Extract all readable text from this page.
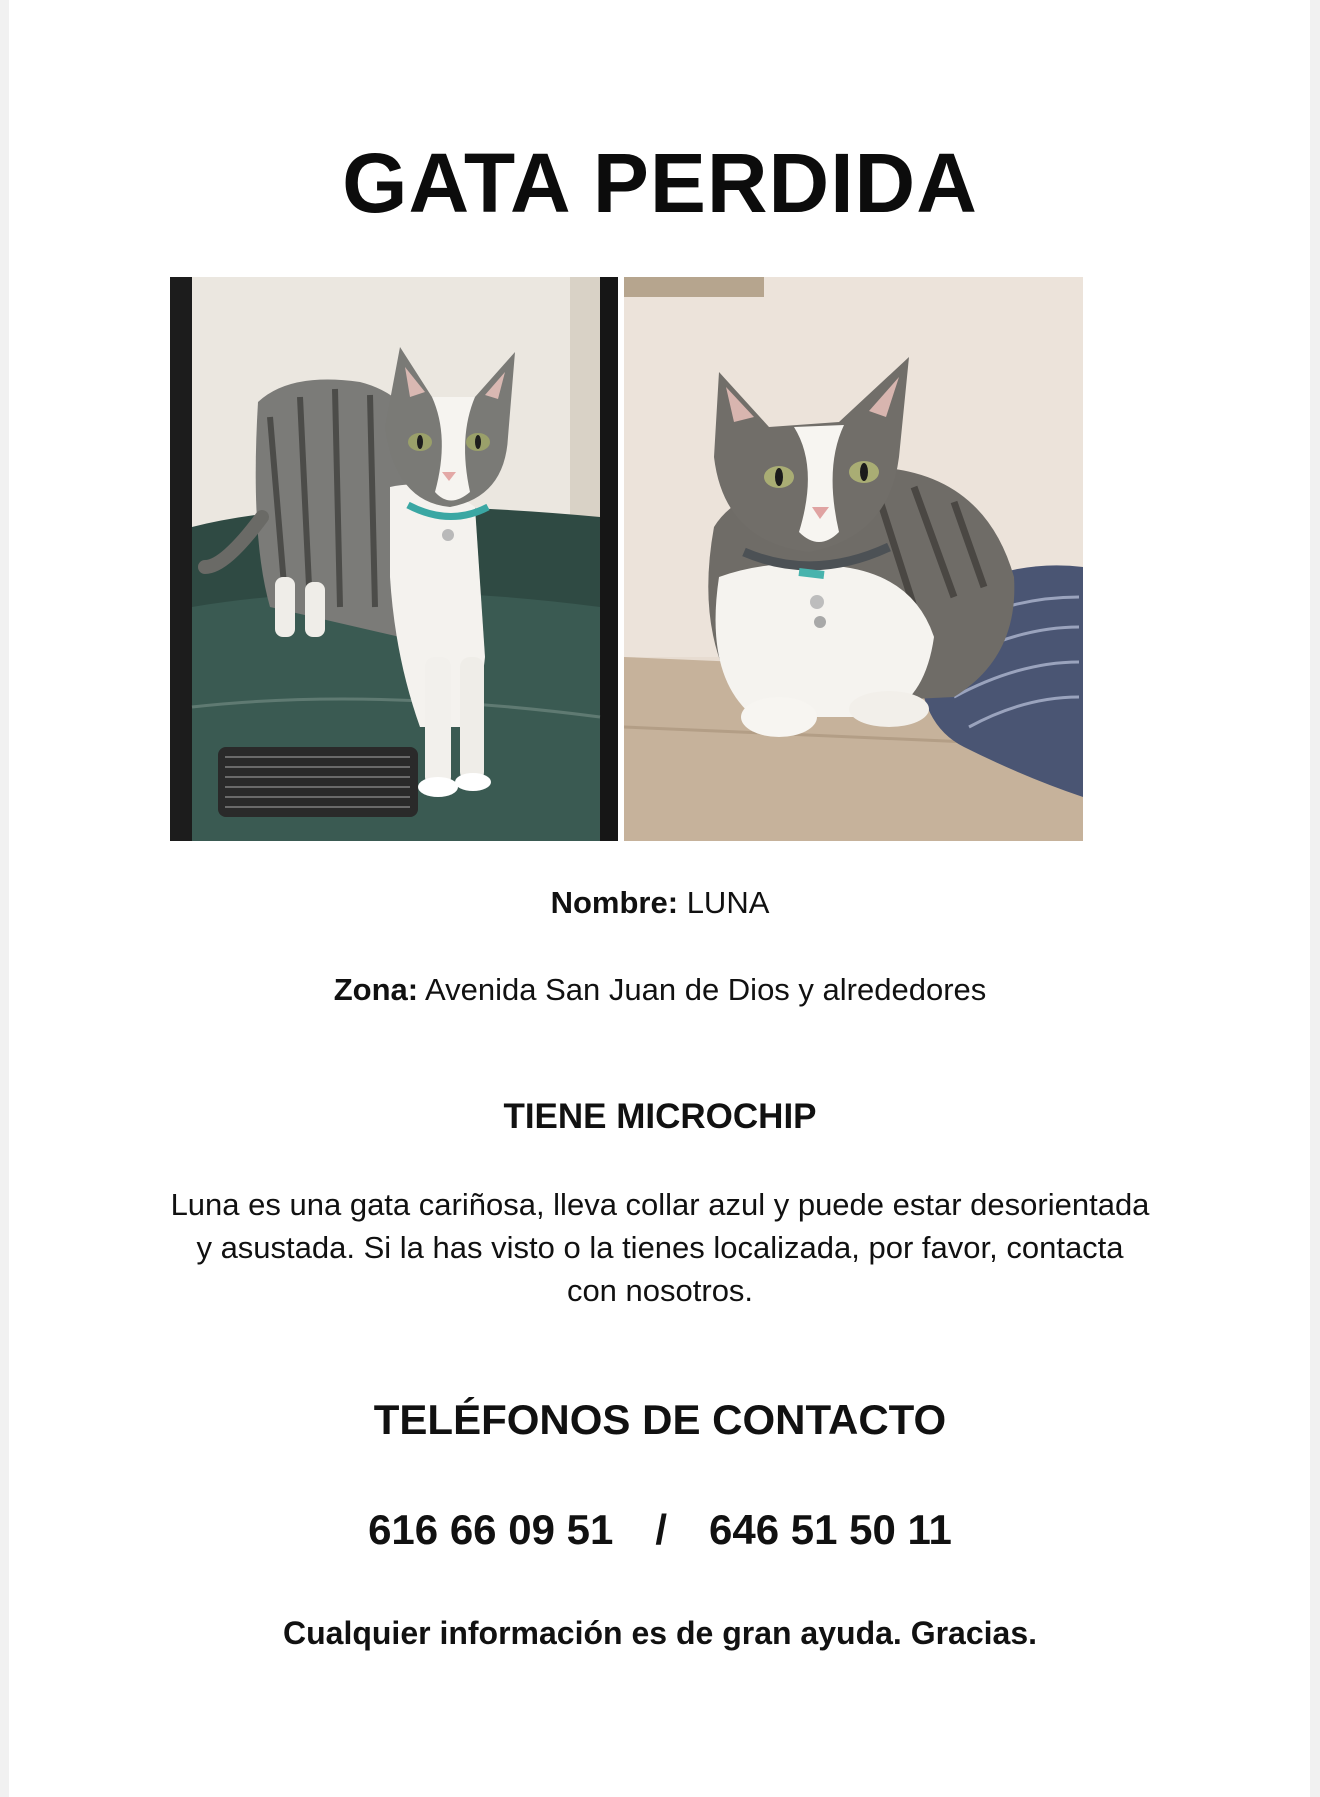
GATA PERDIDA
Nombre: LUNA
Zona: Avenida San Juan de Dios y alrededores
TIENE MICROCHIP
Luna es una gata cariñosa, lleva collar azul y puede estar desorientada y asustada. Si la has visto o la tienes localizada, por favor, contacta con nosotros.
TELÉFONOS DE CONTACTO
616 66 09 51 / 646 51 50 11
Cualquier información es de gran ayuda. Gracias.
